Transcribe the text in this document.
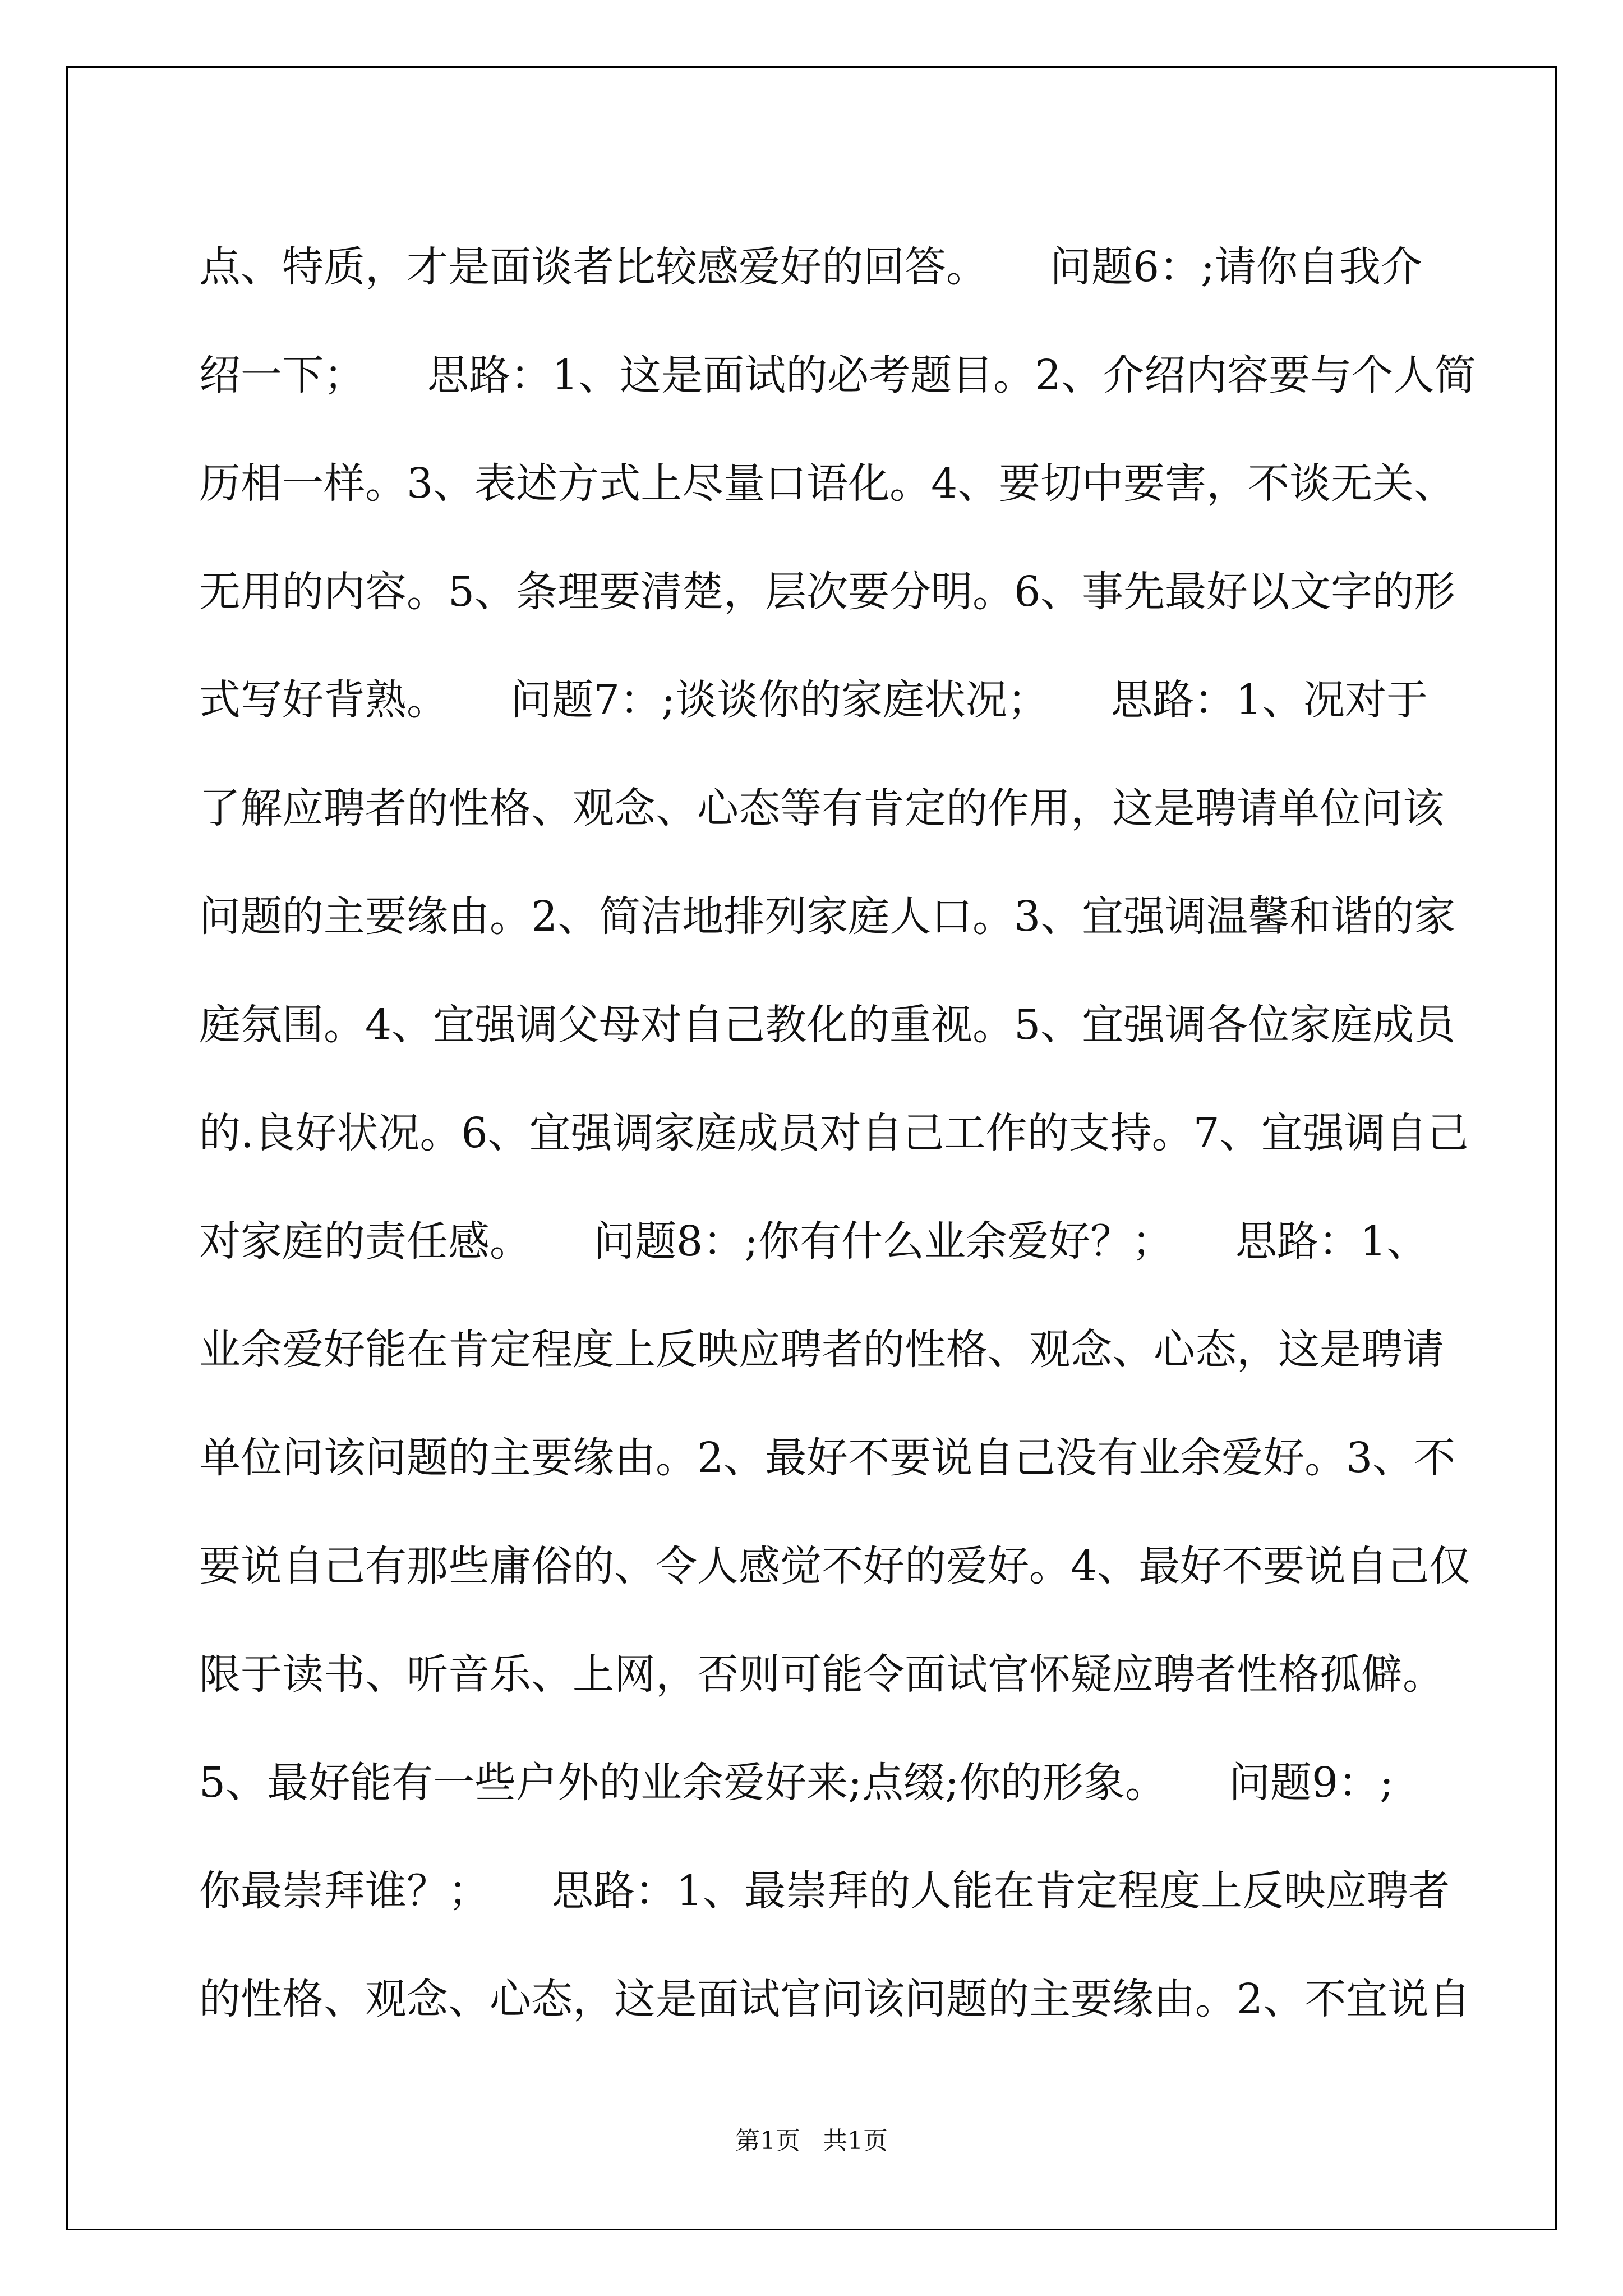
点、特质，才是面谈者比较感爱好的回答。　　问题6：;请你自我介
绍一下；　　思路：1、这是面试的必考题目。2、介绍内容要与个人简
历相一样。3、表述方式上尽量口语化。4、要切中要害，不谈无关、
无用的内容。5、条理要清楚，层次要分明。6、事先最好以文字的形
式写好背熟。　　问题7：;谈谈你的家庭状况；　　思路：1、况对于
了解应聘者的性格、观念、心态等有肯定的作用，这是聘请单位问该
问题的主要缘由。2、简洁地排列家庭人口。3、宜强调温馨和谐的家
庭氛围。4、宜强调父母对自己教化的重视。5、宜强调各位家庭成员
的.良好状况。6、宜强调家庭成员对自己工作的支持。7、宜强调自己
对家庭的责任感。　　问题8：;你有什么业余爱好？；　　思路：1、
业余爱好能在肯定程度上反映应聘者的性格、观念、心态，这是聘请
单位问该问题的主要缘由。2、最好不要说自己没有业余爱好。3、不
要说自己有那些庸俗的、令人感觉不好的爱好。4、最好不要说自己仅
限于读书、听音乐、上网，否则可能令面试官怀疑应聘者性格孤僻。
5、最好能有一些户外的业余爱好来;点缀;你的形象。　　问题9：;
你最崇拜谁？；　　思路：1、最崇拜的人能在肯定程度上反映应聘者
的性格、观念、心态，这是面试官问该问题的主要缘由。2、不宜说自
第1页 共1页
